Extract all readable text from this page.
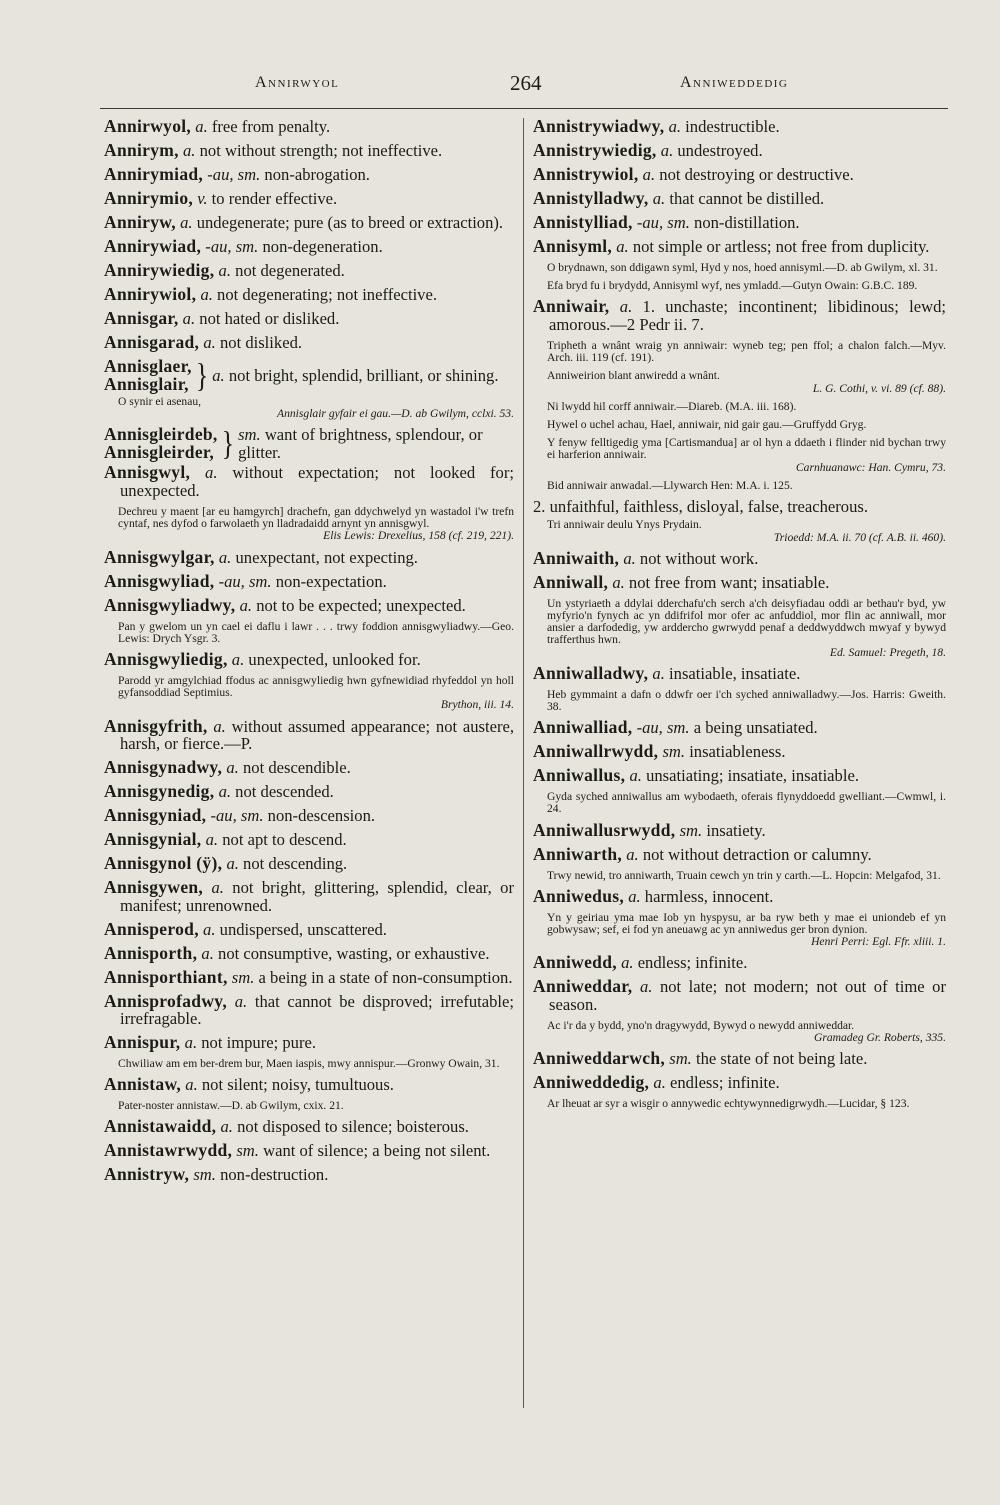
Annirwyol	264	Anniweddedig
Annirwyol, a. free from penalty.
Annirym, a. not without strength; not ineffective.
Annirymiad, -au, sm. non-abrogation.
Annirymio, v. to render effective.
Anniryw, a. undegenerate; pure (as to breed or extraction).
Annirywiad, -au, sm. non-degeneration.
Annirywiedig, a. not degenerated.
Annirywiol, a. not degenerating; not ineffective.
Annisgar, a. not hated or disliked.
Annisgarad, a. not disliked.
Annisglaer,
Annisglair, } a. not bright, splendid, brilliant, or shining.
O synir ei asenau,
Annisglair gyfair ei gau.—D. ab Gwilym, cclxi. 53.
Annisgleirdeb,
Annisgleirder, } sm. want of brightness, splendour, or glitter.
Annisgwyl, a. without expectation; not looked for; unexpected.
Dechreu y maent [ar eu hamgyrch] drachefn, gan ddychwelyd yn wastadol i'w trefn cyntaf, nes dyfod o farwolaeth yn lladradaidd arnynt yn annisgwyl.
Elis Lewis: Drexelius, 158 (cf. 219, 221).
Annisgwylgar, a. unexpectant, not expecting.
Annisgwyliad, -au, sm. non-expectation.
Annisgwyliadwy, a. not to be expected; unexpected.
Pan y gwelom un yn cael ei daflu i lawr . . . trwy foddion annisgwyliadwy.—Geo. Lewis: Drych Ysgr. 3.
Annisgwyliedig, a. unexpected, unlooked for.
Parodd yr amgylchiad ffodus ac annisgwyliedig hwn gyfnewidiad rhyfeddol yn holl gyfansoddiad Septimius.
Brython, iii. 14.
Annisgyfrith, a. without assumed appearance; not austere, harsh, or fierce.—P.
Annisgynadwy, a. not descendible.
Annisgynedig, a. not descended.
Annisgyniad, -au, sm. non-descension.
Annisgynial, a. not apt to descend.
Annisgynol (ÿ), a. not descending.
Annisgywen, a. not bright, glittering, splendid, clear, or manifest; unrenowned.
Annisperod, a. undispersed, unscattered.
Annisporth, a. not consumptive, wasting, or exhaustive.
Annisporthiant, sm. a being in a state of non-consumption.
Annisprofadwy, a. that cannot be disproved; irrefutable; irrefragable.
Annispur, a. not impure; pure.
Chwiliaw am em ber-drem bur, Maen iaspis, mwy annispur.—Gronwy Owain, 31.
Annistaw, a. not silent; noisy, tumultuous.
Pater-noster annistaw.—D. ab Gwilym, cxix. 21.
Annistawaidd, a. not disposed to silence; boisterous.
Annistawrwydd, sm. want of silence; a being not silent.
Annistryw, sm. non-destruction.
Annistrywiadwy, a. indestructible.
Annistrywiedig, a. undestroyed.
Annistrywiol, a. not destroying or destructive.
Annistylladwy, a. that cannot be distilled.
Annistylliad, -au, sm. non-distillation.
Annisyml, a. not simple or artless; not free from duplicity.
O brydnawn, son ddigawn syml, Hyd y nos, hoed annisyml.—D. ab Gwilym, xl. 31.
Efa bryd fu i brydydd, Annisyml wyf, nes ymladd.—Gutyn Owain: G.B.C. 189.
Anniwair, a. 1. unchaste; incontinent; libidinous; lewd; amorous.—2 Pedr ii. 7.
Tripheth a wnânt wraig yn anniwair: wyneb teg; pen ffol; a chalon falch.—Myv. Arch. iii. 119 (cf. 191).
Anniweirion blant anwiredd a wnânt.
L. G. Cothi, v. vi. 89 (cf. 88).
Ni lwydd hil corff anniwair.—Diareb. (M.A. iii. 168).
Hywel o uchel achau, Hael, anniwair, nid gair gau.—Gruffydd Gryg.
Y fenyw felltigedig yma [Cartismandua] ar ol hyn a ddaeth i flinder nid bychan trwy ei harferion anniwair.
Carnhuanawc: Han. Cymru, 73.
Bid anniwair anwadal.—Llywarch Hen: M.A. i. 125.
2. unfaithful, faithless, disloyal, false, treacherous.
Tri anniwair deulu Ynys Prydain.
Trioedd: M.A. ii. 70 (cf. A.B. ii. 460).
Anniwaith, a. not without work.
Anniwall, a. not free from want; insatiable.
Un ystyriaeth a ddylai dderchafu'ch serch a'ch deisyfiadau oddi ar bethau'r byd, yw myfyrio'n fynych ac yn ddifrifol mor ofer ac anfuddiol, mor flin ac anniwall, mor ansier a darfodedig, yw arddercho gwrwydd penaf a deddwyddwch mwyaf y bywyd trafferthus hwn.
Ed. Samuel: Pregeth, 18.
Anniwalladwy, a. insatiable, insatiate.
Heb gymmaint a dafn o ddwfr oer i'ch syched anniwalladwy.—Jos. Harris: Gweith. 38.
Anniwalliad, -au, sm. a being unsatiated.
Anniwallrwydd, sm. insatiableness.
Anniwallus, a. unsatiating; insatiate, insatiable.
Gyda syched anniwallus am wybodaeth, oferais flynyddoedd gwelliant.—Cwmwl, i. 24.
Anniwallusrwydd, sm. insatiety.
Anniwarth, a. not without detraction or calumny.
Trwy newid, tro anniwarth, Truain cewch yn trin y carth.—L. Hopcin: Melgafod, 31.
Anniwedus, a. harmless, innocent.
Yn y geiriau yma mae Iob yn hyspysu, ar ba ryw beth y mae ei uniondeb ef yn gobwysaw; sef, ei fod yn aneuawg ac yn anniwedus ger bron dynion.
Henri Perri: Egl. Ffr. xliii. 1.
Anniwedd, a. endless; infinite.
Anniweddar, a. not late; not modern; not out of time or season.
Ac i'r da y bydd, yno'n dragywydd, Bywyd o newydd anniweddar.
Gramadeg Gr. Roberts, 335.
Anniweddarwch, sm. the state of not being late.
Anniweddedig, a. endless; infinite.
Ar lheuat ar syr a wisgir o annywedic echtywynnedigrwydh.—Lucidar, § 123.
